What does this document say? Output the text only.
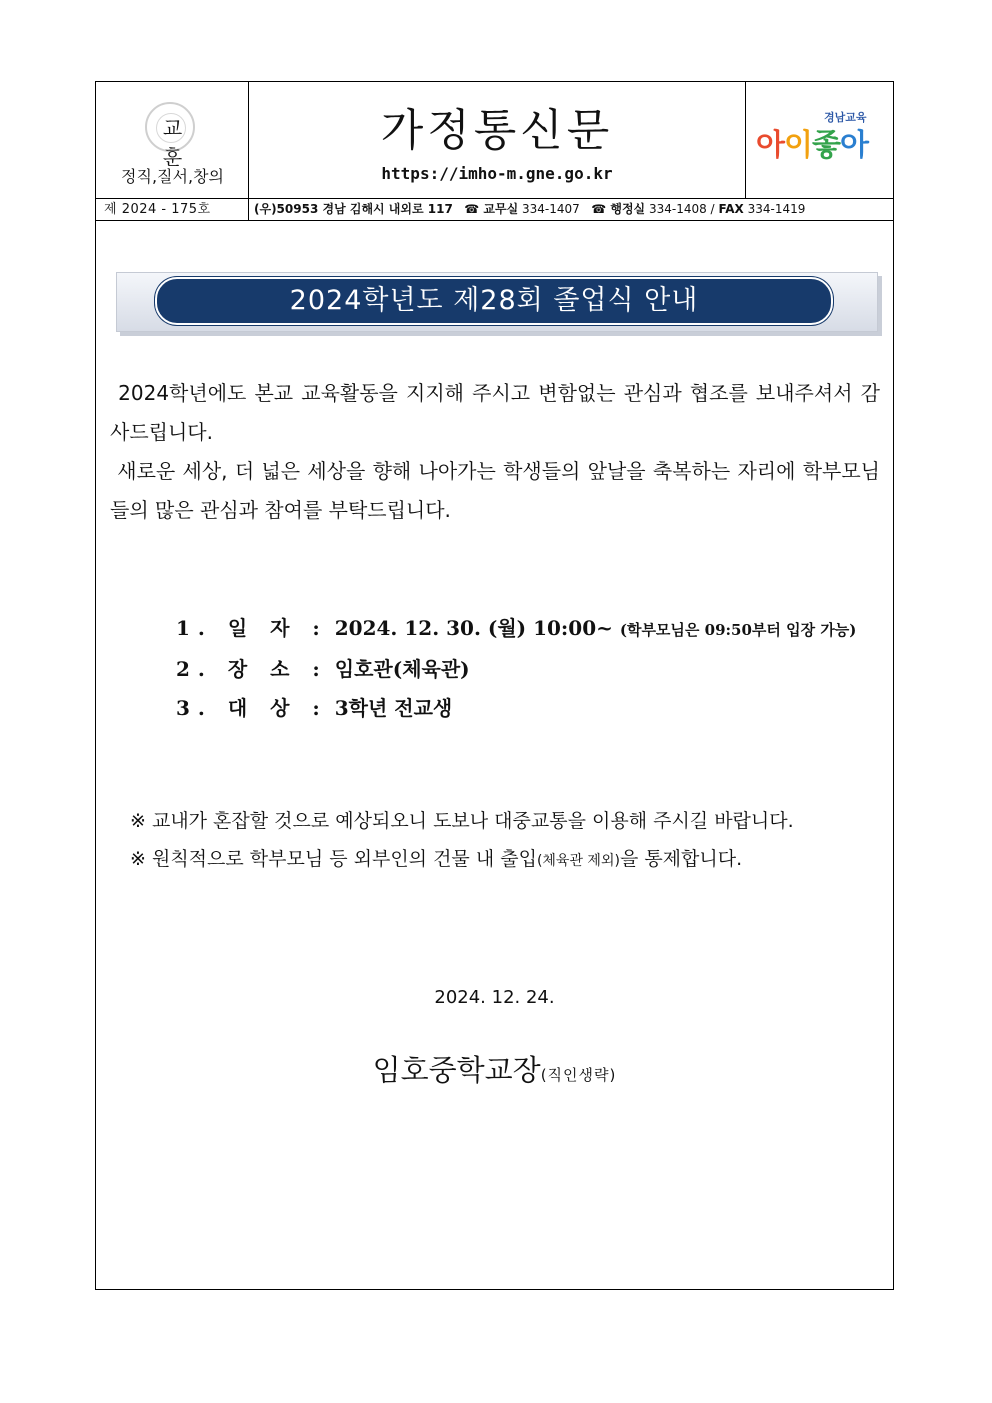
교훈
정직,질서,창의
가정통신문
https://imho-m.gne.go.kr
경남교육
아이좋아
제 2024 - 175호	(우)50953 경남 김해시 내외로 117 ☎ 교무실 334-1407 ☎ 행정실 334-1408 / FAX 334-1419
2024학년도 제28회 졸업식 안내
2024학년에도 본교 교육활동을 지지해 주시고 변함없는 관심과 협조를 보내주셔서 감사드립니다.
새로운 세상, 더 넓은 세상을 향해 나아가는 학생들의 앞날을 축복하는 자리에 학부모님들의 많은 관심과 참여를 부탁드립니다.
1. 일 자 : 2024. 12. 30. (월) 10:00~ (학부모님은 09:50부터 입장 가능)
2. 장 소 : 임호관(체육관)
3. 대 상 : 3학년 전교생
※ 교내가 혼잡할 것으로 예상되오니 도보나 대중교통을 이용해 주시길 바랍니다.
※ 원칙적으로 학부모님 등 외부인의 건물 내 출입(체육관 제외)을 통제합니다.
2024. 12. 24.
임호중학교장(직인생략)
